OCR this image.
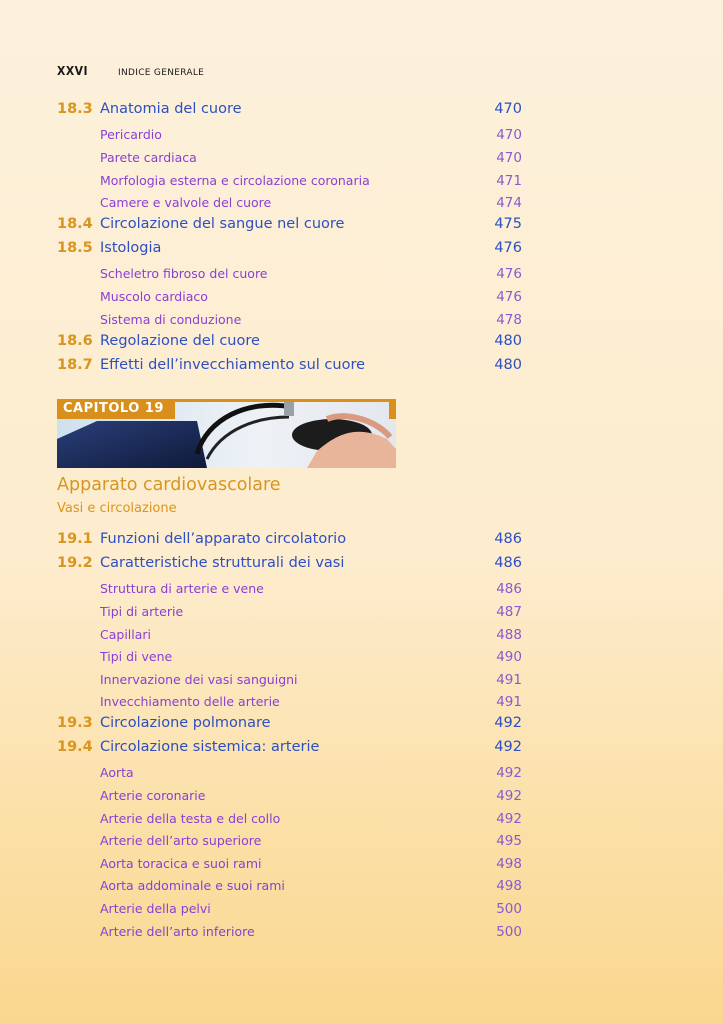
XXVI	INDICE GENERALE
18.3 Anatomia del cuore	470
Pericardio	470
Parete cardiaca	470
Morfologia esterna e circolazione coronaria	471
Camere e valvole del cuore	474
18.4 Circolazione del sangue nel cuore	475
18.5 Istologia	476
Scheletro fibroso del cuore	476
Muscolo cardiaco	476
Sistema di conduzione	478
18.6 Regolazione del cuore	480
18.7 Effetti dell’invecchiamento sul cuore	480
CAPITOLO 19
Apparato cardiovascolare
Vasi e circolazione
19.1 Funzioni dell’apparato circolatorio	486
19.2 Caratteristiche strutturali dei vasi	486
Struttura di arterie e vene	486
Tipi di arterie	487
Capillari	488
Tipi di vene	490
Innervazione dei vasi sanguigni	491
Invecchiamento delle arterie	491
19.3 Circolazione polmonare	492
19.4 Circolazione sistemica: arterie	492
Aorta	492
Arterie coronarie	492
Arterie della testa e del collo	492
Arterie dell’arto superiore	495
Aorta toracica e suoi rami	498
Aorta addominale e suoi rami	498
Arterie della pelvi	500
Arterie dell’arto inferiore	500
